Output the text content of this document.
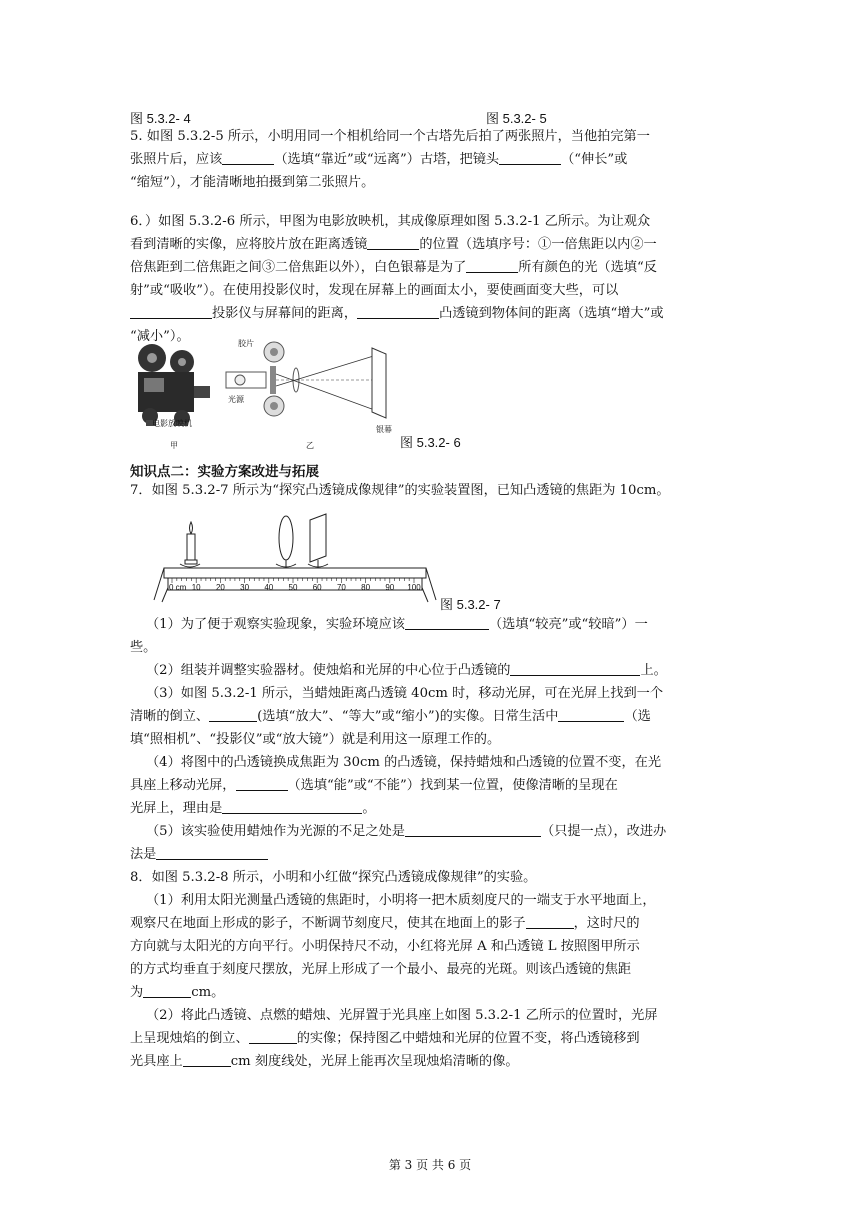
图 5.3.2- 4	图 5.3.2- 5

5. 如图 5.3.2-5 所示，小明用同一个相机给同一个古塔先后拍了两张照片，当他拍完第一

张照片后，应该	（选填“靠近”或“远离”）古塔，把镜头	（“伸长”或

“缩短”），才能清晰地拍摄到第二张照片。

6．）如图 5.3.2-6 所示，甲图为电影放映机，其成像原理如图 5.3.2-1 乙所示。为让观众

看到清晰的实像，应将胶片放在距离透镜	的位置（选填序号：①一倍焦距以内②一

倍焦距到二倍焦距之间③二倍焦距以外），白色银幕是为了	所有颜色的光（选填“反

射”或“吸收”）。在使用投影仪时，发现在屏幕上的画面太小，要使画面变大些，可以

投影仪与屏幕间的距离，	凸透镜到物体间的距离（选填“增大”或

“减小”）。

电影放映机
甲
胶片
光源
银幕
乙	图 5.3.2- 6
知识点二：实验方案改进与拓展

7．如图 5.3.2-7 所示为“探究凸透镜成像规律”的实验装置图，已知凸透镜的焦距为 10cm。

0 cm 10 20 30 40 50 60 70 80 90 100
图 5.3.2- 7

（1）为了便于观察实验现象，实验环境应该	（选填“较亮”或“较暗”）一

些。

（2）组装并调整实验器材。使烛焰和光屏的中心位于凸透镜的	上。

（3）如图 5.3.2-1 所示，当蜡烛距离凸透镜 40cm 时，移动光屏，可在光屏上找到一个

清晰的倒立、	(选填“放大”、“等大”或“缩小”)的实像。日常生活中	（选

填“照相机”、“投影仪”或“放大镜”）就是利用这一原理工作的。

（4）将图中的凸透镜换成焦距为 30cm 的凸透镜，保持蜡烛和凸透镜的位置不变，在光

具座上移动光屏，	（选填“能”或“不能”）找到某一位置，使像清晰的呈现在

光屏上，理由是	。

（5）该实验使用蜡烛作为光源的不足之处是	（只提一点），改进办

法是

8．如图 5.3.2-8 所示，小明和小红做“探究凸透镜成像规律”的实验。

（1）利用太阳光测量凸透镜的焦距时，小明将一把木质刻度尺的一端支于水平地面上，

观察尺在地面上形成的影子，不断调节刻度尺，使其在地面上的影子	，这时尺的

方向就与太阳光的方向平行。小明保持尺不动，小红将光屏 A 和凸透镜 L 按照图甲所示

的方式均垂直于刻度尺摆放，光屏上形成了一个最小、最亮的光斑。则该凸透镜的焦距

为	cm。

（2）将此凸透镜、点燃的蜡烛、光屏置于光具座上如图 5.3.2-1 乙所示的位置时，光屏

上呈现烛焰的倒立、	的实像；保持图乙中蜡烛和光屏的位置不变，将凸透镜移到

光具座上	cm 刻度线处，光屏上能再次呈现烛焰清晰的像。

第 3 页 共 6 页
